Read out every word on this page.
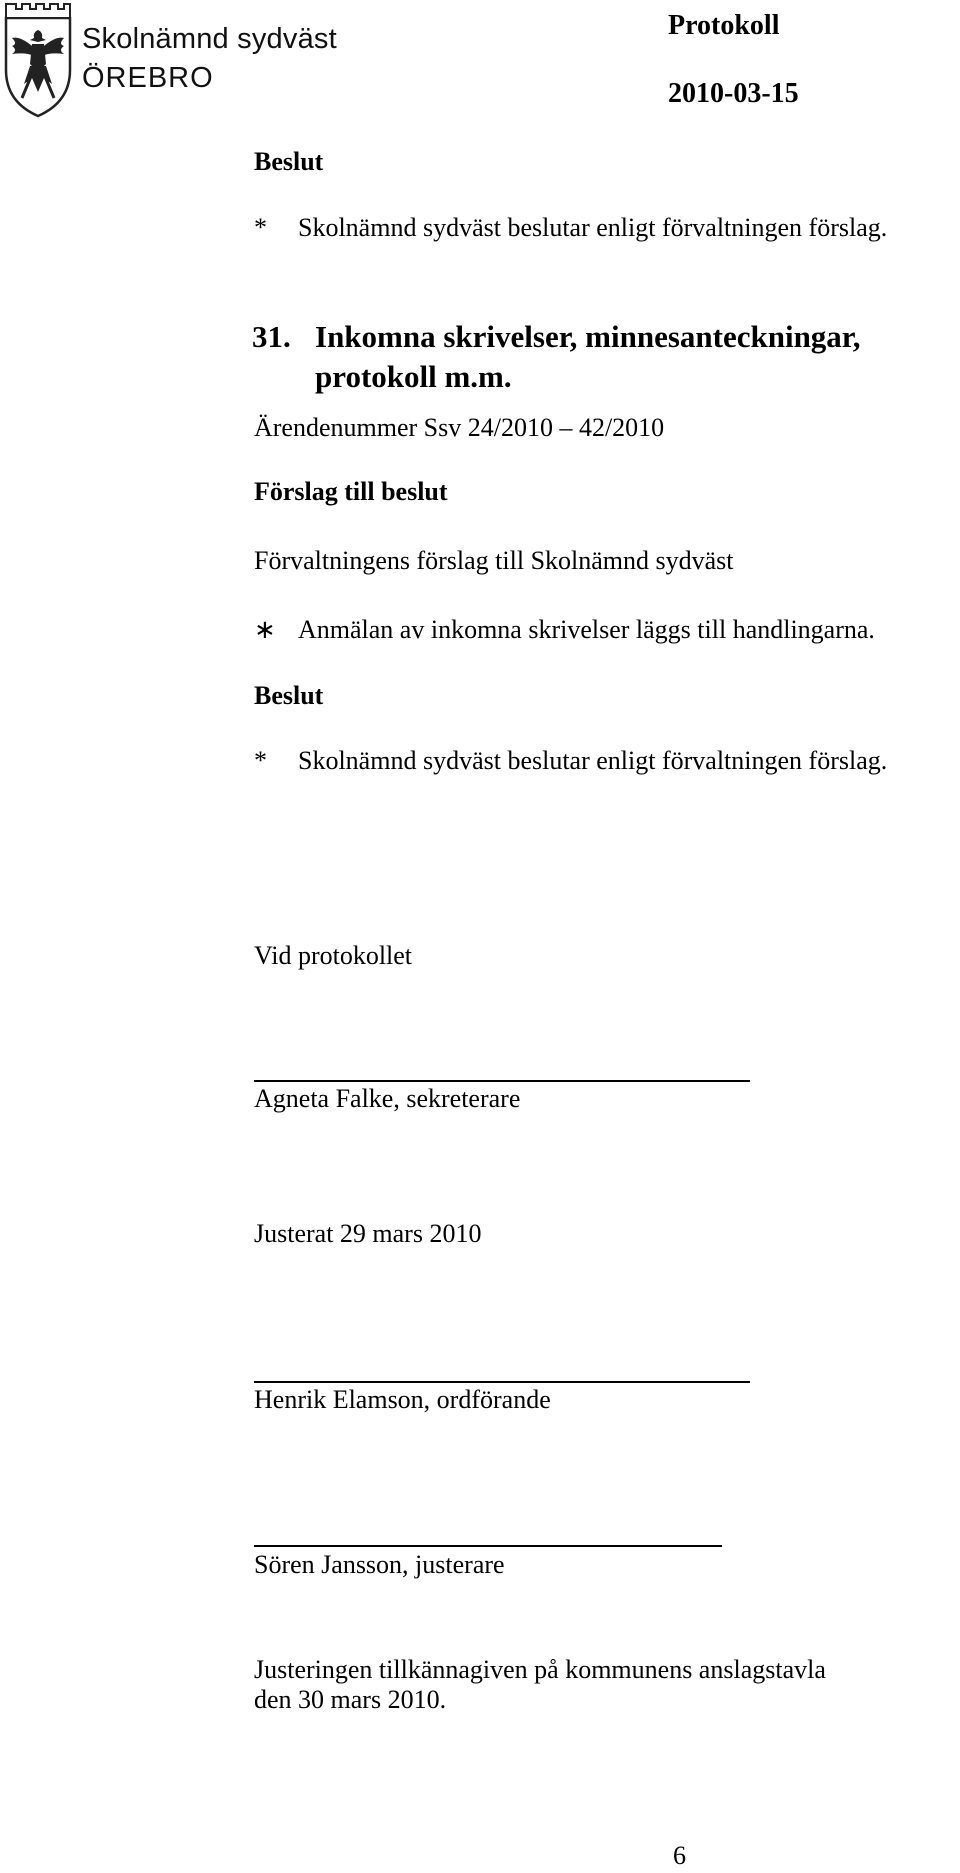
Skolnämnd sydväst
ÖREBRO
Protokoll
2010-03-15
Beslut
* Skolnämnd sydväst beslutar enligt förvaltningen förslag.
31. Inkomna skrivelser, minnesanteckningar,
protokoll m.m.
Ärendenummer Ssv 24/2010 – 42/2010
Förslag till beslut
Förvaltningens förslag till Skolnämnd sydväst
∗ Anmälan av inkomna skrivelser läggs till handlingarna.
Beslut
* Skolnämnd sydväst beslutar enligt förvaltningen förslag.
Vid protokollet
Agneta Falke, sekreterare
Justerat 29 mars 2010
Henrik Elamson, ordförande
Sören Jansson, justerare
Justeringen tillkännagiven på kommunens anslagstavla
den 30 mars 2010.
6
